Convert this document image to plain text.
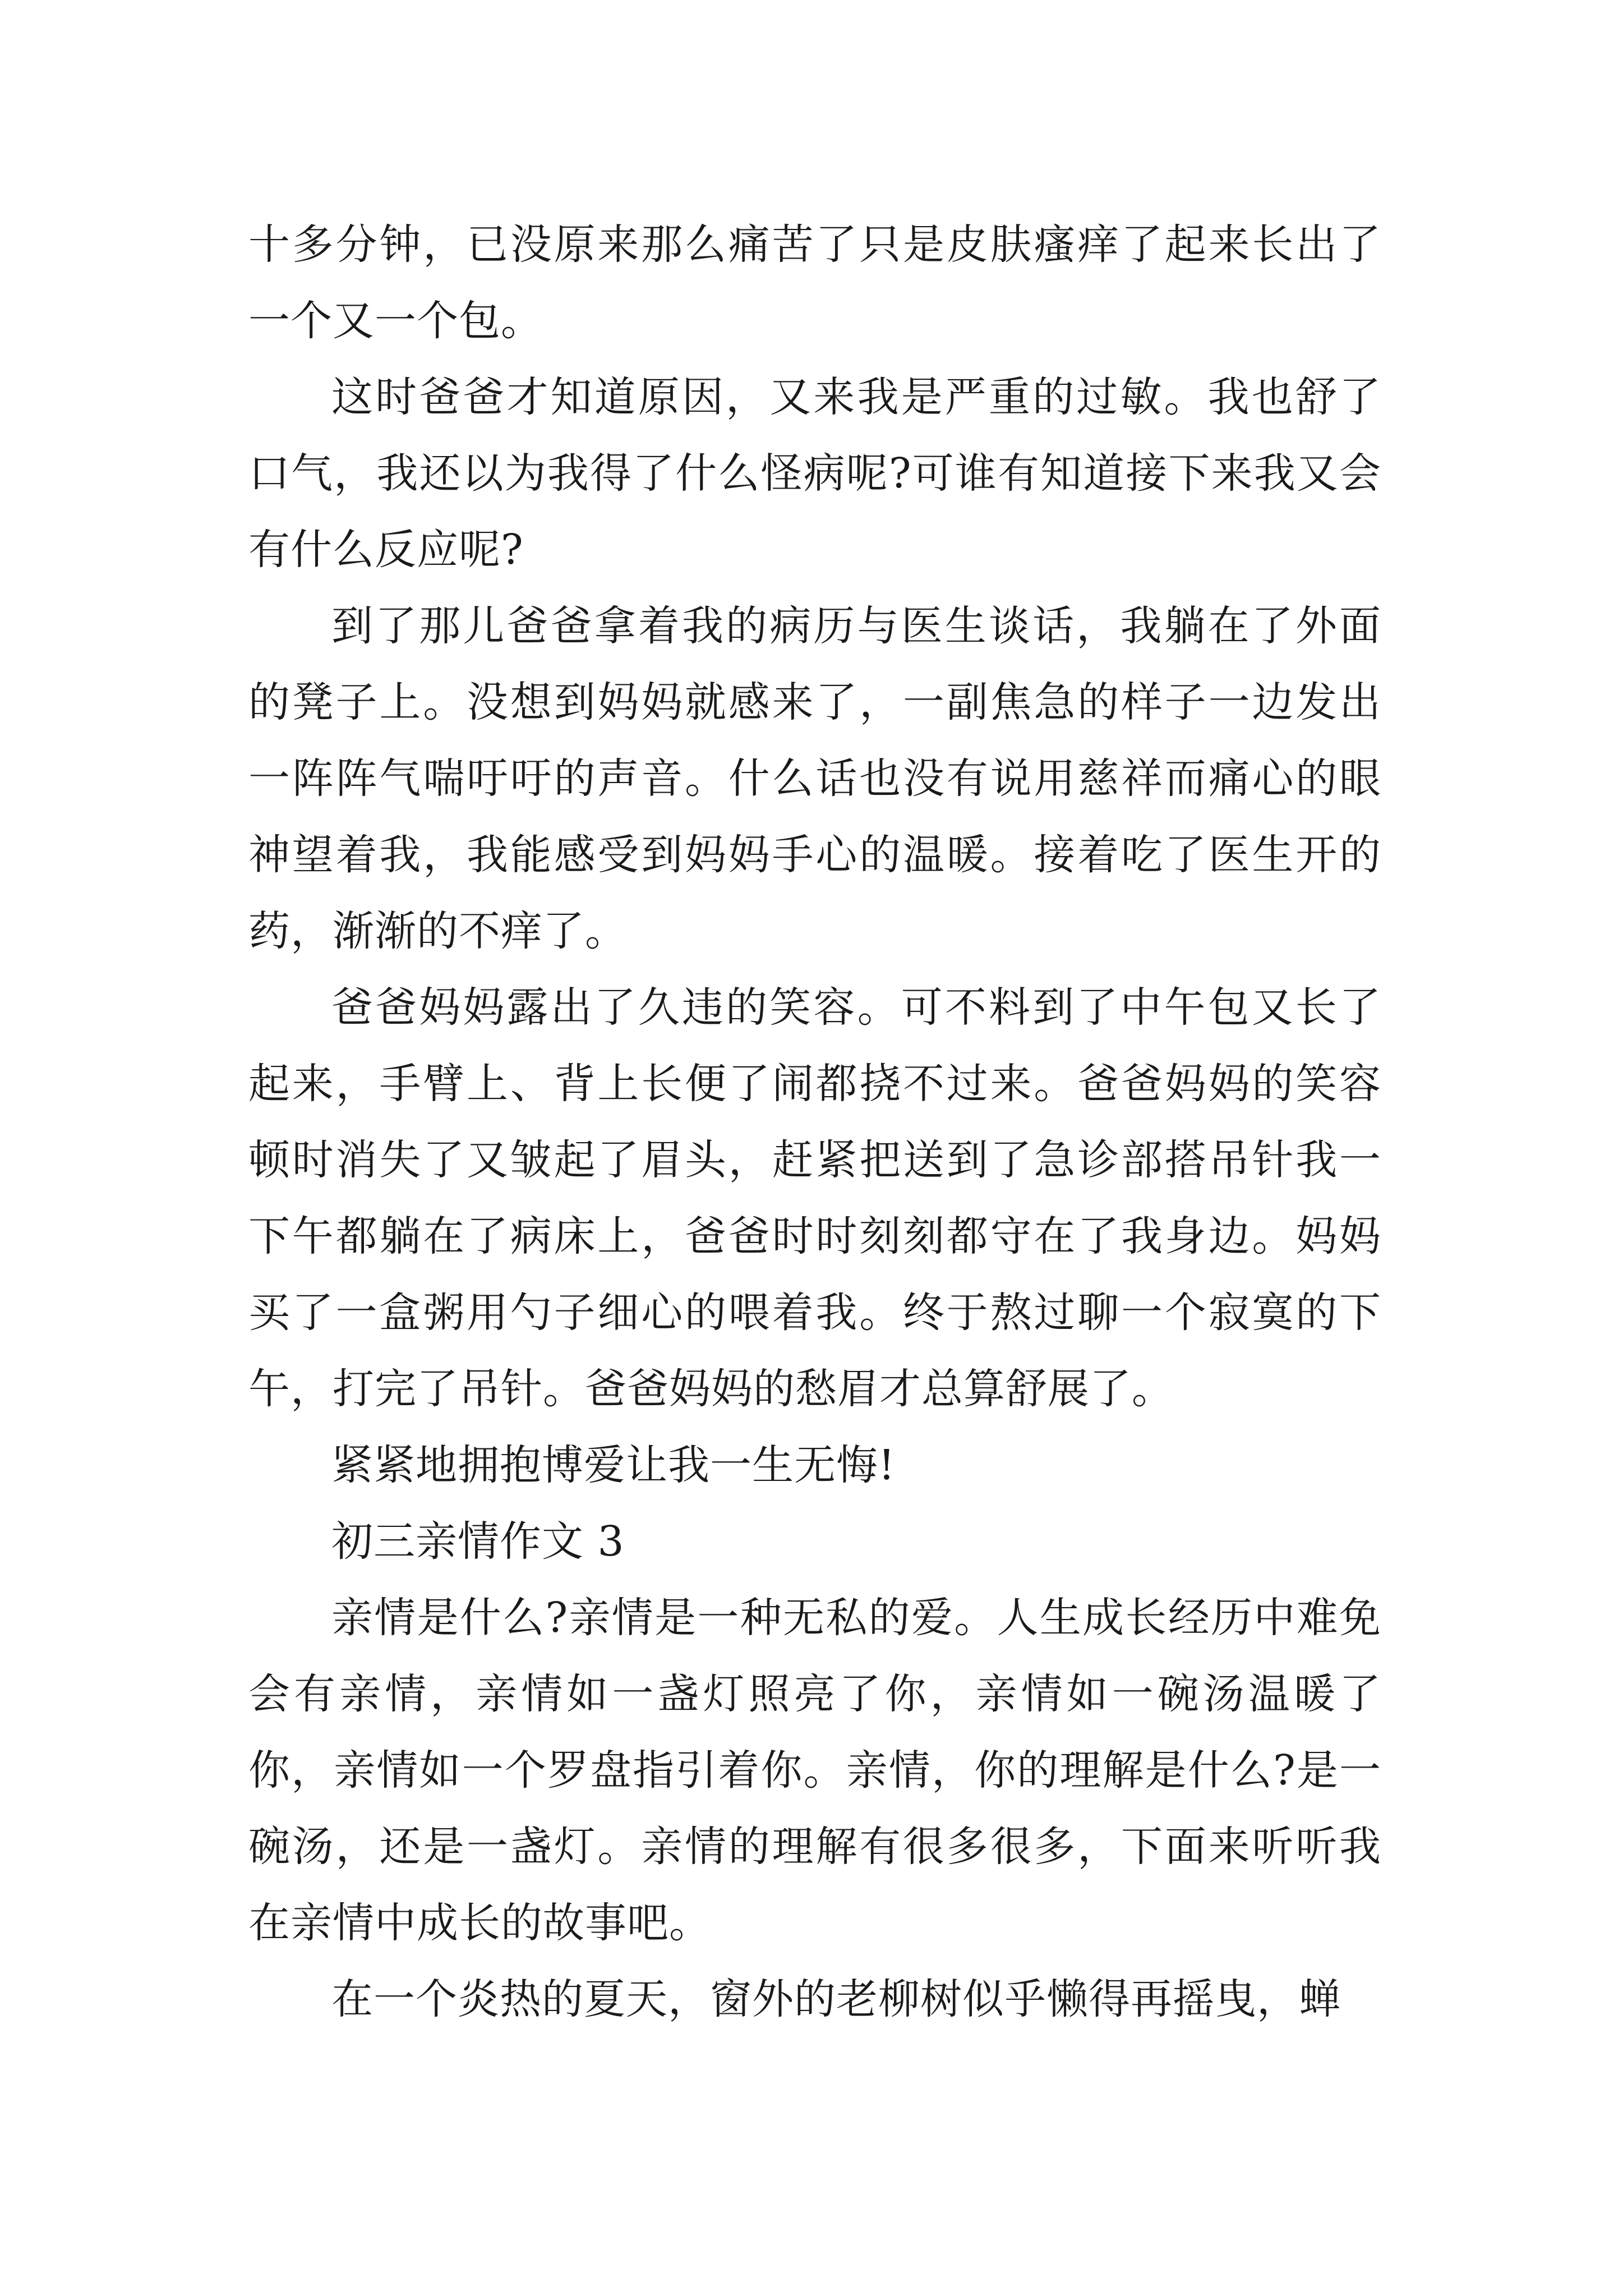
十多分钟，已没原来那么痛苦了只是皮肤瘙痒了起来长出了一个又一个包。

这时爸爸才知道原因，又来我是严重的过敏。我也舒了口气，我还以为我得了什么怪病呢?可谁有知道接下来我又会有什么反应呢?

到了那儿爸爸拿着我的病历与医生谈话，我躺在了外面的凳子上。没想到妈妈就感来了，一副焦急的样子一边发出一阵阵气喘吁吁的声音。什么话也没有说用慈祥而痛心的眼神望着我，我能感受到妈妈手心的温暖。接着吃了医生开的药，渐渐的不痒了。

爸爸妈妈露出了久违的笑容。可不料到了中午包又长了起来，手臂上、背上长便了闹都挠不过来。爸爸妈妈的笑容顿时消失了又皱起了眉头，赶紧把送到了急诊部搭吊针我一下午都躺在了病床上，爸爸时时刻刻都守在了我身边。妈妈买了一盒粥用勺子细心的喂着我。终于熬过聊一个寂寞的下午，打完了吊针。爸爸妈妈的愁眉才总算舒展了。

紧紧地拥抱博爱让我一生无悔!

初三亲情作文 3

亲情是什么?亲情是一种无私的爱。人生成长经历中难免会有亲情，亲情如一盏灯照亮了你，亲情如一碗汤温暖了你，亲情如一个罗盘指引着你。亲情，你的理解是什么?是一碗汤，还是一盏灯。亲情的理解有很多很多，下面来听听我在亲情中成长的故事吧。

在一个炎热的夏天，窗外的老柳树似乎懒得再摇曳，蝉
